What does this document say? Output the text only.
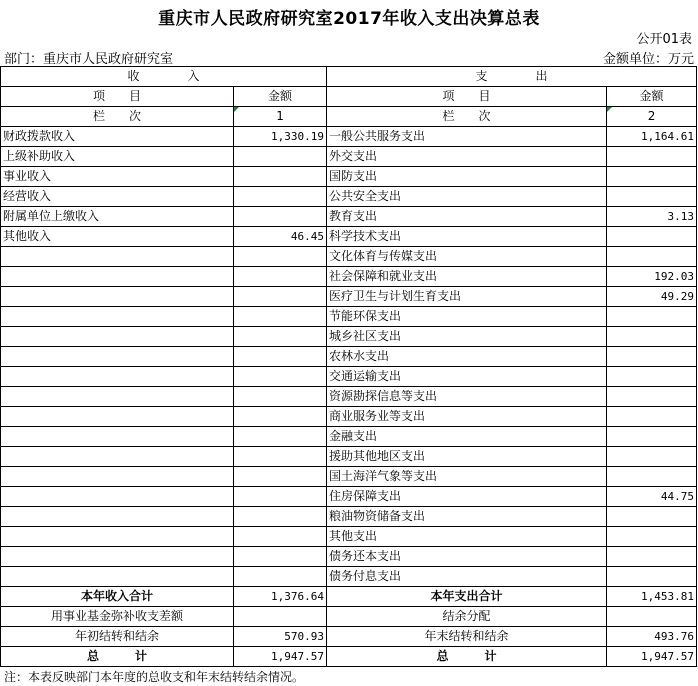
重庆市人民政府研究室2017年收入支出决算总表
公开01表
部门：重庆市人民政府研究室	金额单位：万元
收　　　　入		支　　　　出	
项　　目	金额	项　　目	金额
栏　　次	1	栏　　次	2
财政拨款收入	1,330.19	一般公共服务支出	1,164.61
上级补助收入		外交支出	
事业收入		国防支出	
经营收入		公共安全支出	
附属单位上缴收入		教育支出	3.13
其他收入	46.45	科学技术支出	
		文化体育与传媒支出	
		社会保障和就业支出	192.03
		医疗卫生与计划生育支出	49.29
		节能环保支出	
		城乡社区支出	
		农林水支出	
		交通运输支出	
		资源勘探信息等支出	
		商业服务业等支出	
		金融支出	
		援助其他地区支出	
		国土海洋气象等支出	
		住房保障支出	44.75
		粮油物资储备支出	
		其他支出	
		债务还本支出	
		债务付息支出	
本年收入合计	1,376.64	本年支出合计	1,453.81
用事业基金弥补收支差额		结余分配	
年初结转和结余	570.93	年末结转和结余	493.76
总　　　计	1,947.57	总　　　计	1,947.57
注：本表反映部门本年度的总收支和年末结转结余情况。
